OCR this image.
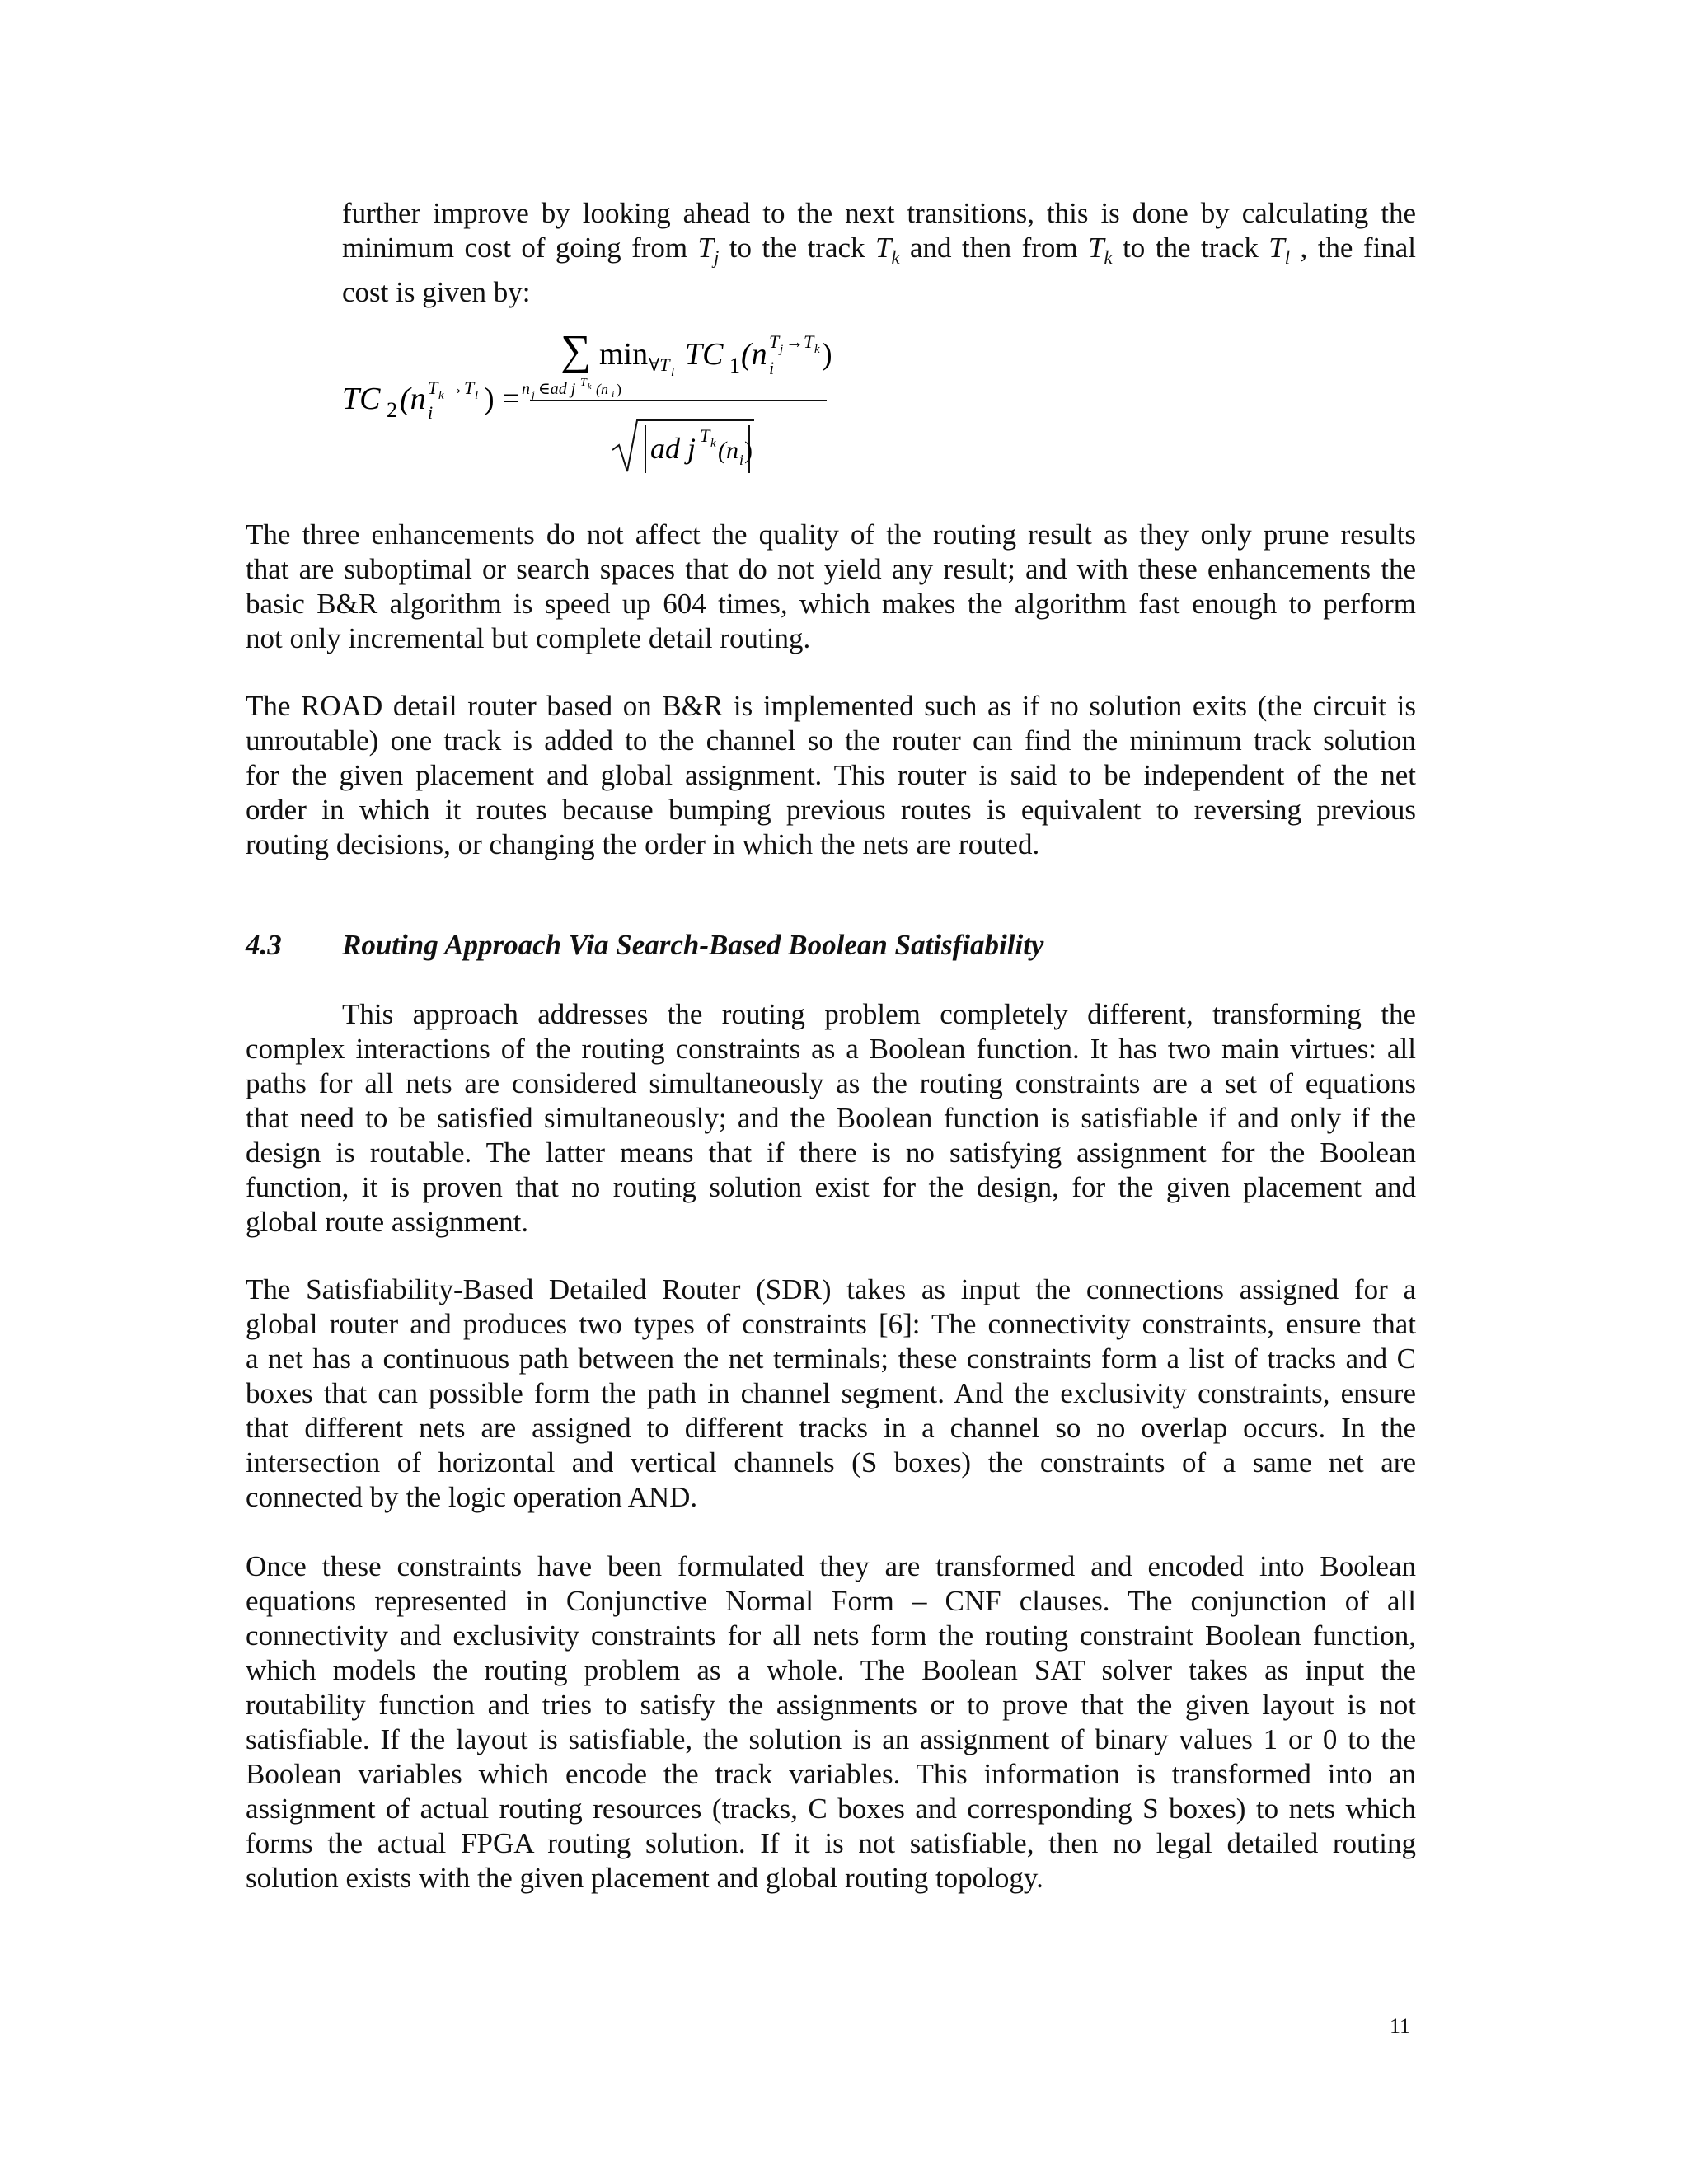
further improve by looking ahead to the next transitions, this is done by calculating the
minimum cost of going from $T_j$ to the track $T_k$ and then from $T_k$ to the track $T_l$ , the final
cost is given by:
TC 2 (n i
T k → T l ) =
∑ min ∀T l
TC 1 (n i
T j → T k )
n j ∈ad j T k (n i )
ad j T k (n i )
The three enhancements do not affect the quality of the routing result as they only prune results
that are suboptimal or search spaces that do not yield any result; and with these enhancements the
basic B&R algorithm is speed up 604 times, which makes the algorithm fast enough to perform
not only incremental but complete detail routing.
The ROAD detail router based on B&R is implemented such as if no solution exits (the circuit is
unroutable) one track is added to the channel so the router can find the minimum track solution
for the given placement and global assignment. This router is said to be independent of the net
order in which it routes because bumping previous routes is equivalent to reversing previous
routing decisions, or changing the order in which the nets are routed.
4.3 Routing Approach Via Search-Based Boolean Satisfiability
This approach addresses the routing problem completely different, transforming the
complex interactions of the routing constraints as a Boolean function. It has two main virtues: all
paths for all nets are considered simultaneously as the routing constraints are a set of equations
that need to be satisfied simultaneously; and the Boolean function is satisfiable if and only if the
design is routable. The latter means that if there is no satisfying assignment for the Boolean
function, it is proven that no routing solution exist for the design, for the given placement and
global route assignment.
The Satisfiability-Based Detailed Router (SDR) takes as input the connections assigned for a
global router and produces two types of constraints [6]: The connectivity constraints, ensure that
a net has a continuous path between the net terminals; these constraints form a list of tracks and C
boxes that can possible form the path in channel segment. And the exclusivity constraints, ensure
that different nets are assigned to different tracks in a channel so no overlap occurs. In the
intersection of horizontal and vertical channels (S boxes) the constraints of a same net are
connected by the logic operation AND.
Once these constraints have been formulated they are transformed and encoded into Boolean
equations represented in Conjunctive Normal Form – CNF clauses. The conjunction of all
connectivity and exclusivity constraints for all nets form the routing constraint Boolean function,
which models the routing problem as a whole. The Boolean SAT solver takes as input the
routability function and tries to satisfy the assignments or to prove that the given layout is not
satisfiable. If the layout is satisfiable, the solution is an assignment of binary values 1 or 0 to the
Boolean variables which encode the track variables. This information is transformed into an
assignment of actual routing resources (tracks, C boxes and corresponding S boxes) to nets which
forms the actual FPGA routing solution. If it is not satisfiable, then no legal detailed routing
solution exists with the given placement and global routing topology.
11
